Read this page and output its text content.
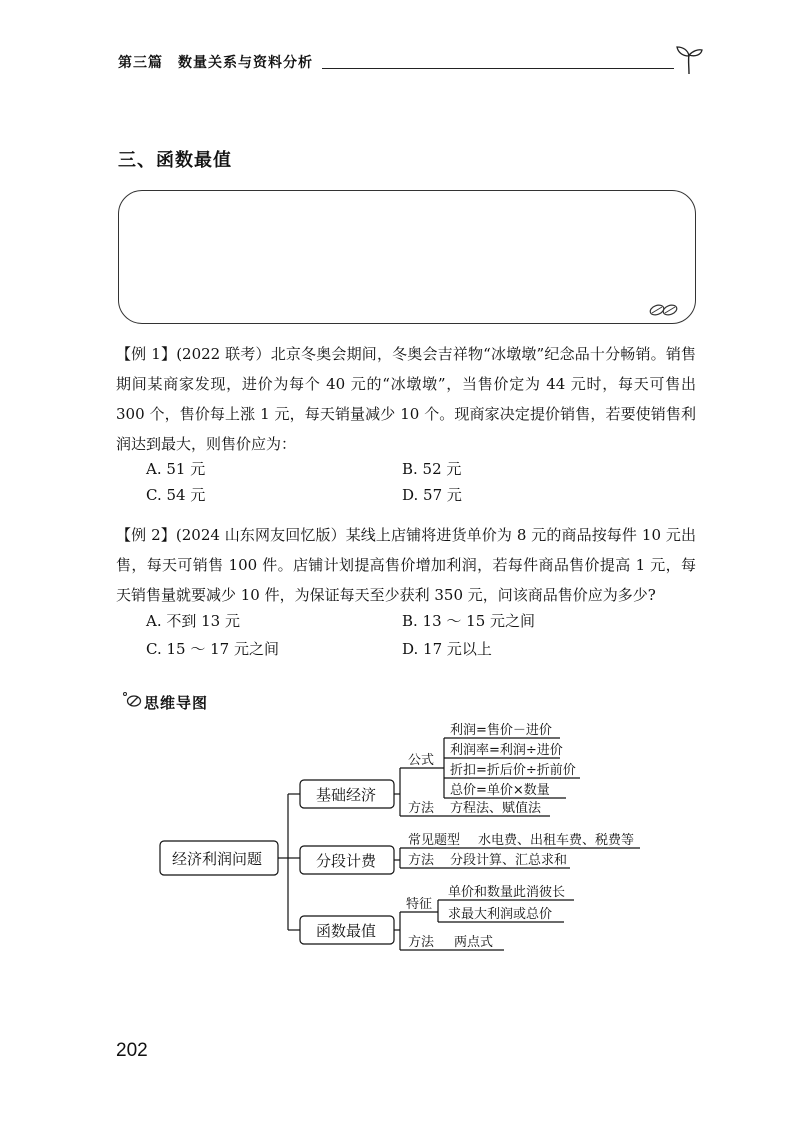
第三篇　数量关系与资料分析
三、函数最值
【例 1】(2022 联考）北京冬奥会期间，冬奥会吉祥物“冰墩墩”纪念品十分畅销。销售期间某商家发现，进价为每个 40 元的“冰墩墩”，当售价定为 44 元时，每天可售出 300 个，售价每上涨 1 元，每天销量减少 10 个。现商家决定提价销售，若要使销售利润达到最大，则售价应为：
A. 51 元	B. 52 元
C. 54 元	D. 57 元
【例 2】(2024 山东网友回忆版）某线上店铺将进货单价为 8 元的商品按每件 10 元出售，每天可销售 100 件。店铺计划提高售价增加利润，若每件商品售价提高 1 元，每天销售量就要减少 10 件，为保证每天至少获利 350 元，问该商品售价应为多少?
A. 不到 13 元	B. 13 ～ 15 元之间
C. 15 ～ 17 元之间	D. 17 元以上
思维导图
经济利润问题
基础经济
分段计费
函数最值
公式
利润=售价－进价
利润率=利润÷进价
折扣=折后价÷折前价
总价=单价×数量
方法 方程法、赋值法
常见题型 水电费、出租车费、税费等
方法 分段计算、汇总求和
特征
单价和数量此消彼长
求最大利润或总价
方法 两点式
202
